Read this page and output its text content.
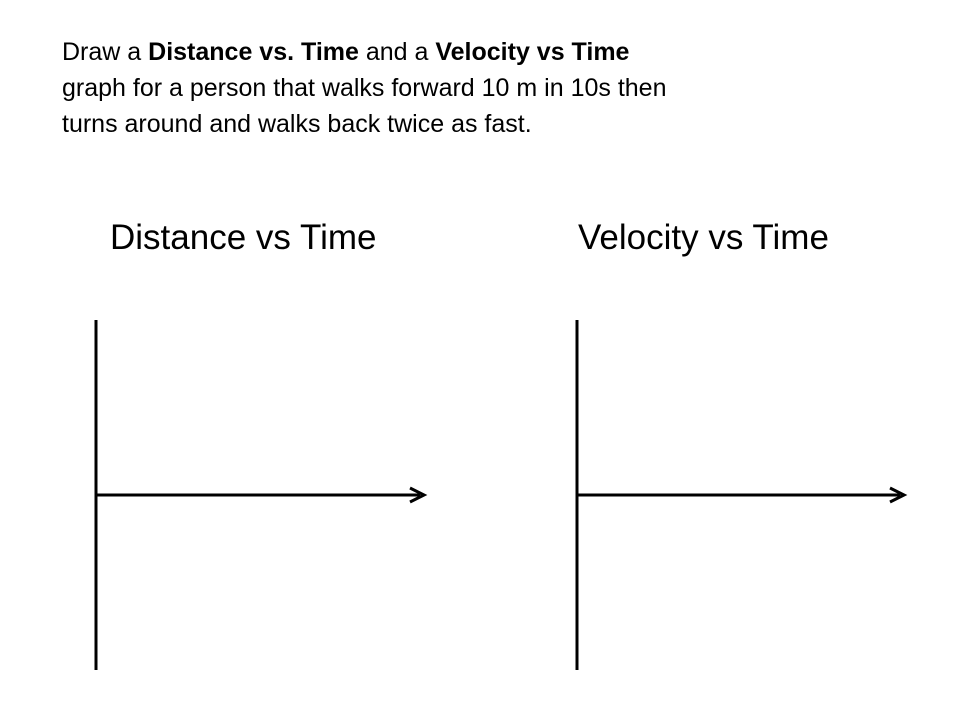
Draw a Distance vs. Time and a Velocity vs Time
graph for a person that walks forward 10 m in 10s then
turns around and walks back twice as fast.

Distance vs Time	Velocity vs Time
